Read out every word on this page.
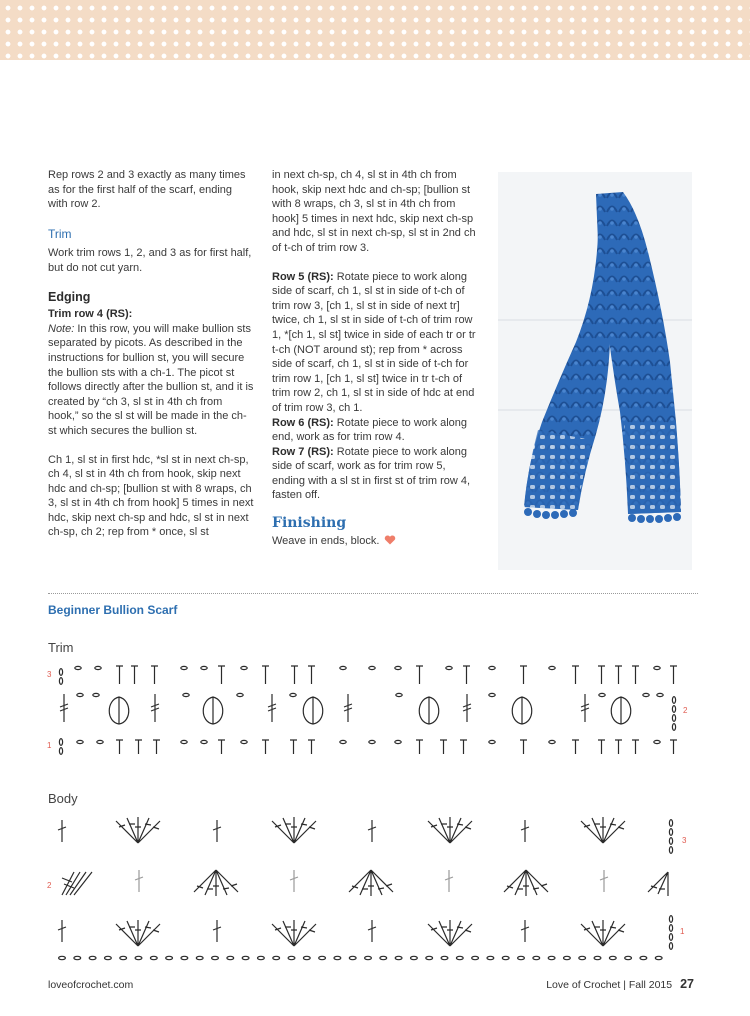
Rep rows 2 and 3 exactly as many times as for the first half of the scarf, ending with row 2.

Trim

Work trim rows 1, 2, and 3 as for first half, but do not cut yarn.

Edging

Trim row 4 (RS):
Note: In this row, you will make bullion sts separated by picots. As described in the instructions for bullion st, you will secure the bullion sts with a ch-1. The picot st follows directly after the bullion st, and it is created by “ch 3, sl st in 4th ch from hook,” so the sl st will be made in the ch-st which secures the bullion st.

Ch 1, sl st in first hdc, *sl st in next ch-sp, ch 4, sl st in 4th ch from hook, skip next hdc and ch-sp; [bullion st with 8 wraps, ch 3, sl st in 4th ch from hook] 5 times in next hdc, skip next ch-sp and hdc, sl st in next ch-sp, ch 2; rep from * once, sl st

in next ch-sp, ch 4, sl st in 4th ch from hook, skip next hdc and ch-sp; [bullion st with 8 wraps, ch 3, sl st in 4th ch from hook] 5 times in next hdc, skip next ch-sp and hdc, sl st in next ch-sp, sl st in 2nd ch of t-ch of trim row 3.

Row 5 (RS): Rotate piece to work along side of scarf, ch 1, sl st in side of t-ch of trim row 3, [ch 1, sl st in side of next tr] twice, ch 1, sl st in side of t-ch of trim row 1, *[ch 1, sl st] twice in side of each tr or tr t-ch (NOT around st); rep from * across side of scarf, ch 1, sl st in side of t-ch for trim row 1, [ch 1, sl st] twice in tr t-ch of trim row 2, ch 1, sl st in side of hdc at end of trim row 3, ch 1.
Row 6 (RS): Rotate piece to work along end, work as for trim row 4.
Row 7 (RS): Rotate piece to work along side of scarf, work as for trim row 5, ending with a sl st in first st of trim row 4, fasten off.

Finishing

Weave in ends, block.

Beginner Bullion Scarf
Trim
Body
3
2
1
3
2
1
loveofcrochet.com	Love of Crochet | Fall 2015 27
